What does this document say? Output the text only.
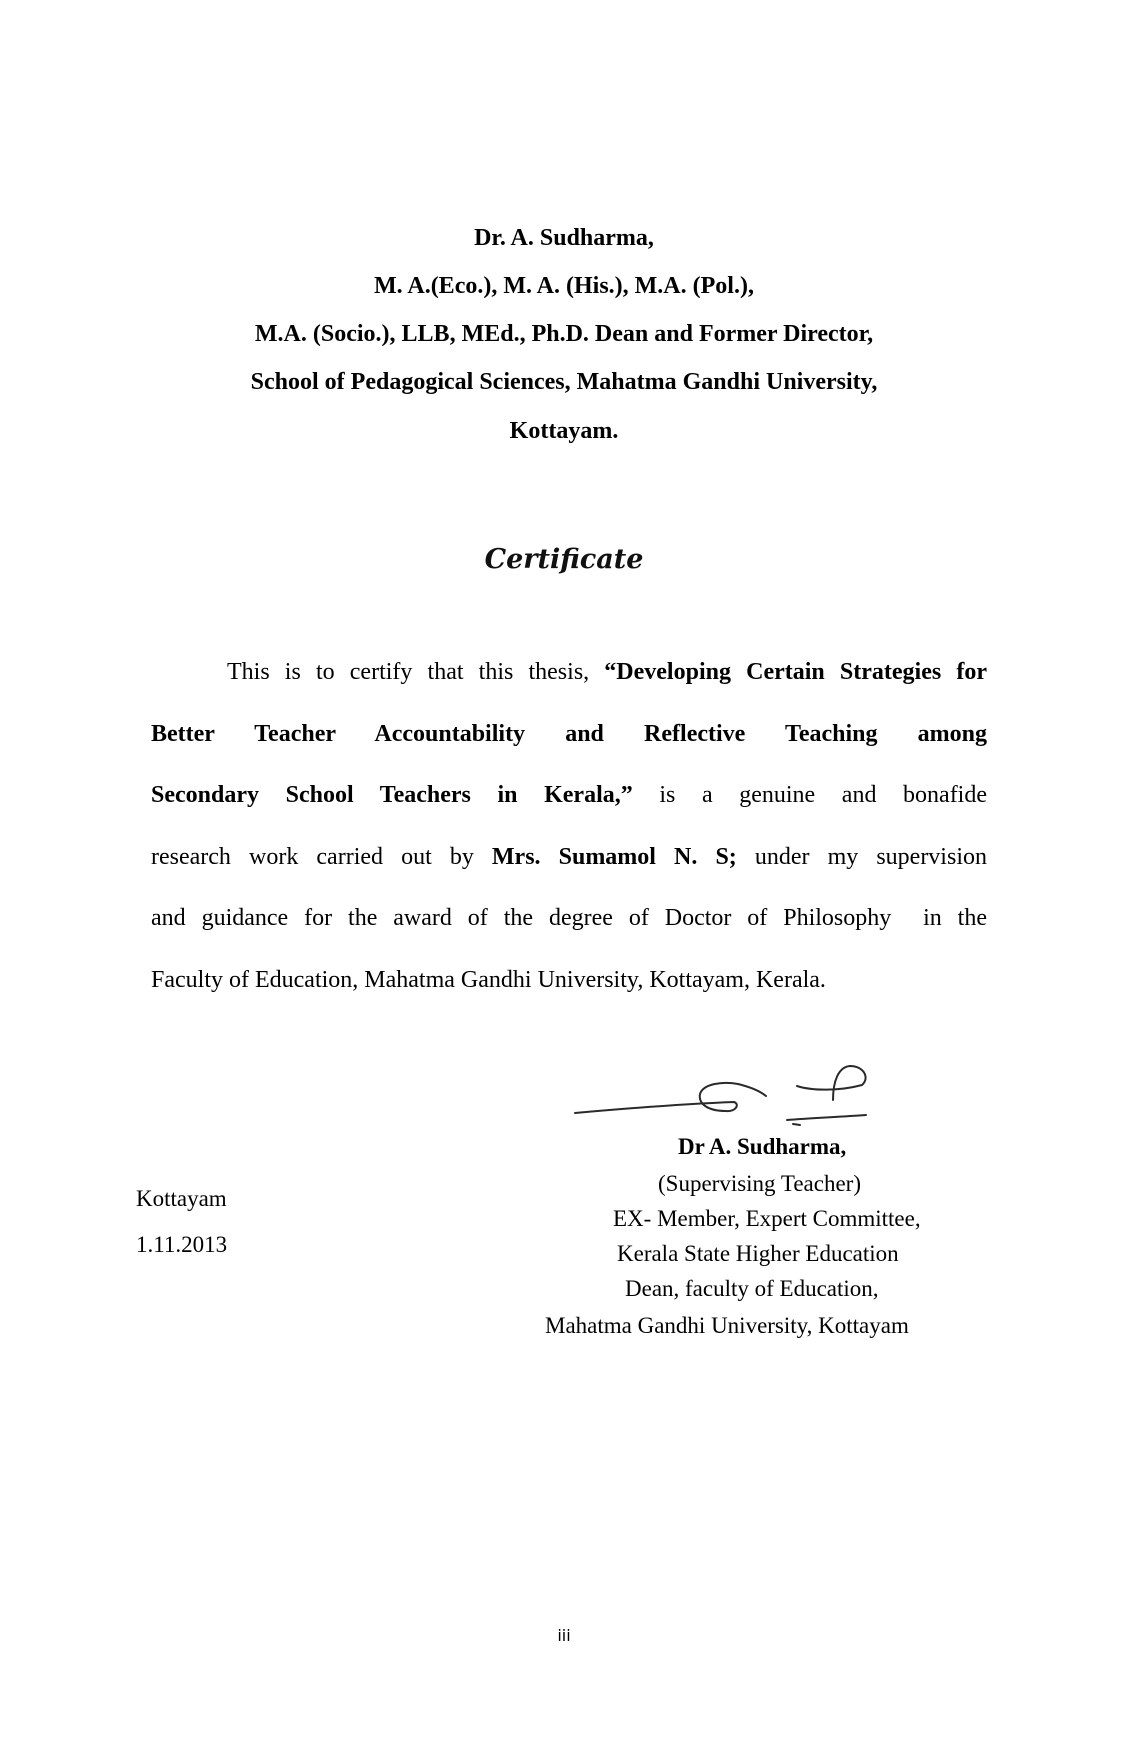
Dr. A. Sudharma,
M. A.(Eco.), M. A. (His.), M.A. (Pol.),
M.A. (Socio.), LLB, MEd., Ph.D. Dean and Former Director,
School of Pedagogical Sciences, Mahatma Gandhi University,
Kottayam.
Certificate
This is to certify that this thesis, “Developing Certain Strategies for
Better Teacher Accountability and Reflective Teaching among
Secondary School Teachers in Kerala,” is a genuine and bonafide
research work carried out by Mrs. Sumamol N. S; under my supervision
and guidance for the award of the degree of Doctor of Philosophy  in the
Faculty of Education, Mahatma Gandhi University, Kottayam, Kerala.
Kottayam
1.11.2013
Dr A. Sudharma,
(Supervising Teacher)
EX- Member, Expert Committee,
Kerala State Higher Education
Dean, faculty of Education,
Mahatma Gandhi University, Kottayam
iii
